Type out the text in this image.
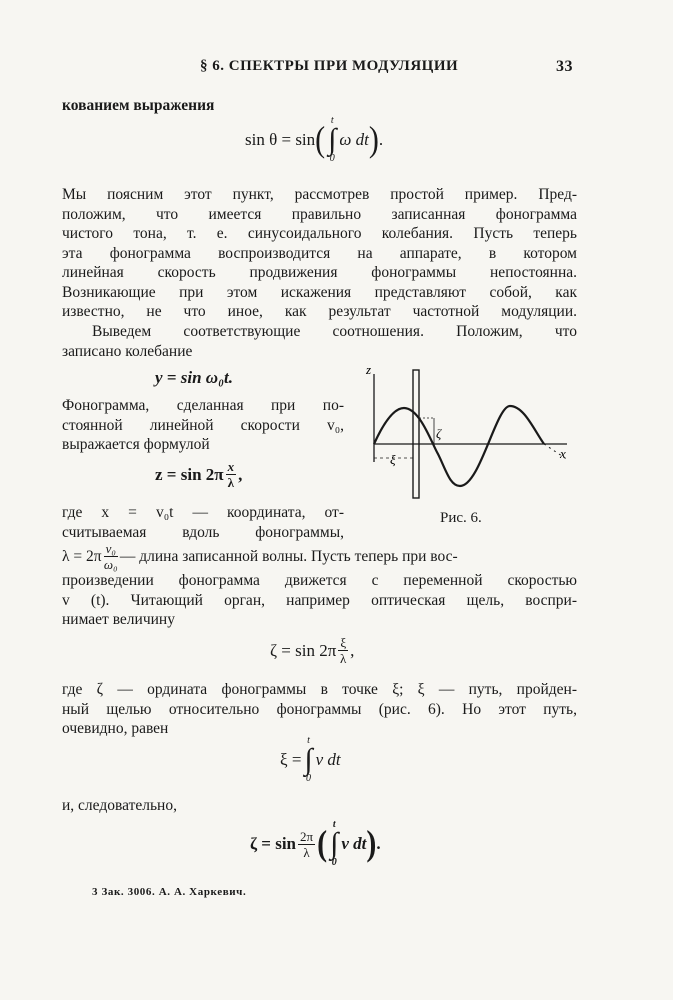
§ 6. СПЕКТРЫ ПРИ МОДУЛЯЦИИ	33
кованием выражения
sin θ = sin ( t
∫
0
ω dt ) .
Мы поясним этот пункт, рассмотрев простой пример. Пред-
положим, что имеется правильно записанная фонограмма
чистого тона, т. е. синусоидального колебания. Пусть теперь
эта фонограмма воспроизводится на аппарате, в котором
линейная скорость продвижения фонограммы непостоянна.
Возникающие при этом искажения представляют собой, как
известно, не что иное, как результат частотной модуляции.
Выведем соответствующие соотношения. Положим, что
записано колебание
y = sin ω₀t.
Фонограмма, сделанная при по-
стоянной линейной скорости v₀,
выражается формулой
$z = \sin 2\pi \frac{x}{\lambda}$ ,
где x = v₀t — координата, от-
считываемая вдоль фонограммы,
$\lambda = 2\pi \frac{\text{v₀}}{\text{ω₀}}$ — длина записанной волны. Пусть теперь при вос-
произведении фонограмма движется с переменной скоростью
v (t). Читающий орган, например оптическая щель, воспри-
нимает величину
$\zeta = \sin 2\pi \frac{\xi}{\lambda}$ ,
где ζ — ордината фонограммы в точке ξ; ξ — путь, пройден-
ный щелью относительно фонограммы (рис. 6). Но этот путь,
очевидно, равен
ξ =
t
∫
0
v dt
и, следовательно,
$\zeta = \sin \frac{2\pi}{\lambda}$ ( t
∫
0
v dt ) .
z
x
ζ
ξ
Рис. 6.
3 Зак. 3006. А. А. Харкевич.
